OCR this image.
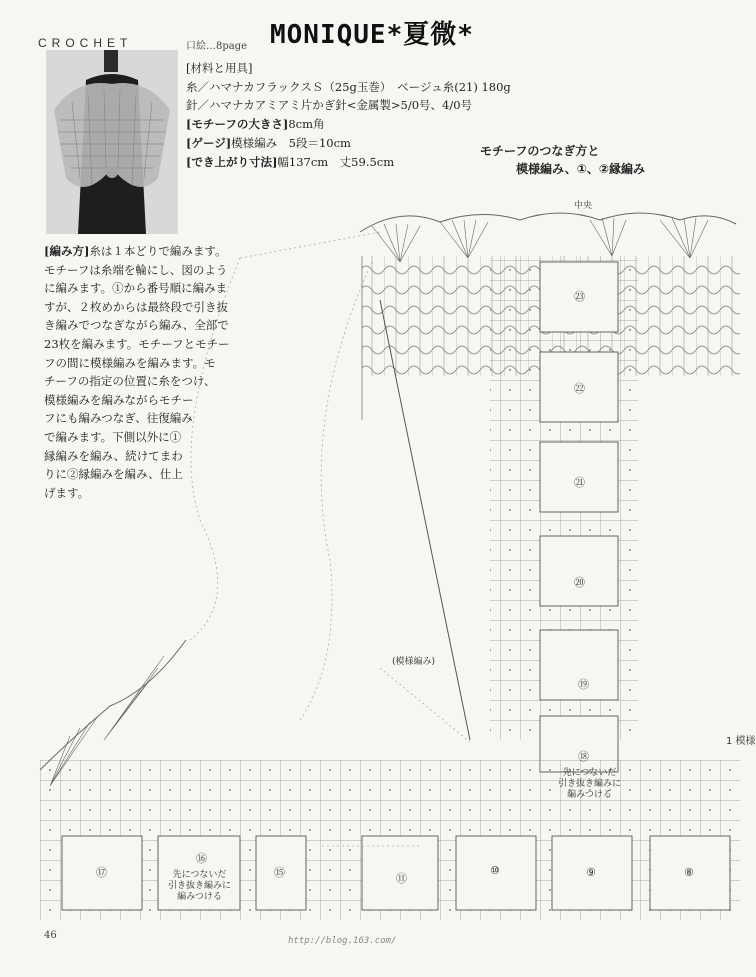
MONIQUE*夏微*
CROCHET	口絵…8page
[材料と用具]
糸／ハマナカフラックスＳ（25g玉巻）　ベージュ糸(21) 180g
針／ハマナカアミアミ片かぎ針<金属製>5/0号、4/0号
[モチーフの大きさ]8cm角
[ゲージ]模様編み　5段＝10cm
[でき上がり寸法]幅137cm　丈59.5cm

[編み方]糸は１本どりで編みます。

モチーフは糸端を輪にし、図のよう

に編みます。①から番号順に編みま

すが、２枚めからは最終段で引き抜

き編みでつなぎながら編み、全部で

23枚を編みます。モチーフとモチー

フの間に模様編みを編みます。モ

チーフの指定の位置に糸をつけ、

模様編みを編みながらモチー

フにも編みつなぎ、往復編み

で編みます。下側以外に①

縁編みを編み、続けてまわ

りに②縁編みを編み、仕上

げます。

モチーフのつなぎ方と
模様編み、①、②縁編み
中央
(模様編み)
1 模様
㉓
㉒
㉑
⑳
⑲
⑱
⑰
⑯
⑮	⑪
⑩	⑨	⑧
先につないだ
引き抜き編みに
編みつける
先につないだ
引き抜き編みに
編みつける
46	http://blog.163.com/
